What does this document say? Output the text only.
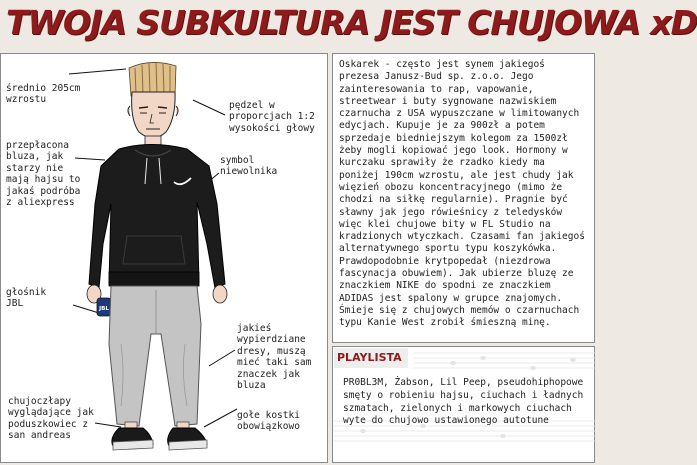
TWOJA SUBKULTURA JEST CHUJOWA xD
JBL
średnio 205cm wzrostu
pędzel w proporcjach 1:2 wysokości głowy
przepłacona bluza, jak starzy nie mają hajsu to jakaś podróba z aliexpress
symbol niewolnika
głośnik JBL
jakieś wypierdziane dresy, muszą mieć taki sam znaczek jak bluza
chujoczłapy wyglądające jak poduszkowiec z san andreas
gołe kostki obowiązkowo

Oskarek - często jest synem jakiegoś prezesa Janusz-Bud sp. z.o.o. Jego zainteresowania to rap, vapowanie, streetwear i buty sygnowane nazwiskiem czarnucha z USA wypuszczane w limitowanych edycjach. Kupuje je za 900zł a potem sprzedaje biedniejszym kolegom za 1500zł żeby mogli kopiować jego look. Hormony w kurczaku sprawiły że rzadko kiedy ma poniżej 190cm wzrostu, ale jest chudy jak więzień obozu koncentracyjnego (mimo że chodzi na siłkę regularnie). Pragnie być sławny jak jego rówieśnicy z teledysków więc klei chujowe bity w FL Studio na kradzionych wtyczkach. Czasami fan jakiegoś alternatywnego sportu typu koszykówka. Prawdopodobnie krytpopedał (niezdrowa fascynacja obuwiem). Jak ubierze bluzę ze znaczkiem NIKE do spodni ze znaczkiem ADIDAS jest spalony w grupce znajomych. Śmieje się z chujowych memów o czarnuchach typu Kanie West zrobił śmieszną minę.

PLAYLISTA
PR0BL3M, Żabson, Lil Peep, pseudohiphopowe smęty o robieniu hajsu, ciuchach i ładnych szmatach, zielonych i markowych ciuchach wyte do chujowo ustawionego autotune
